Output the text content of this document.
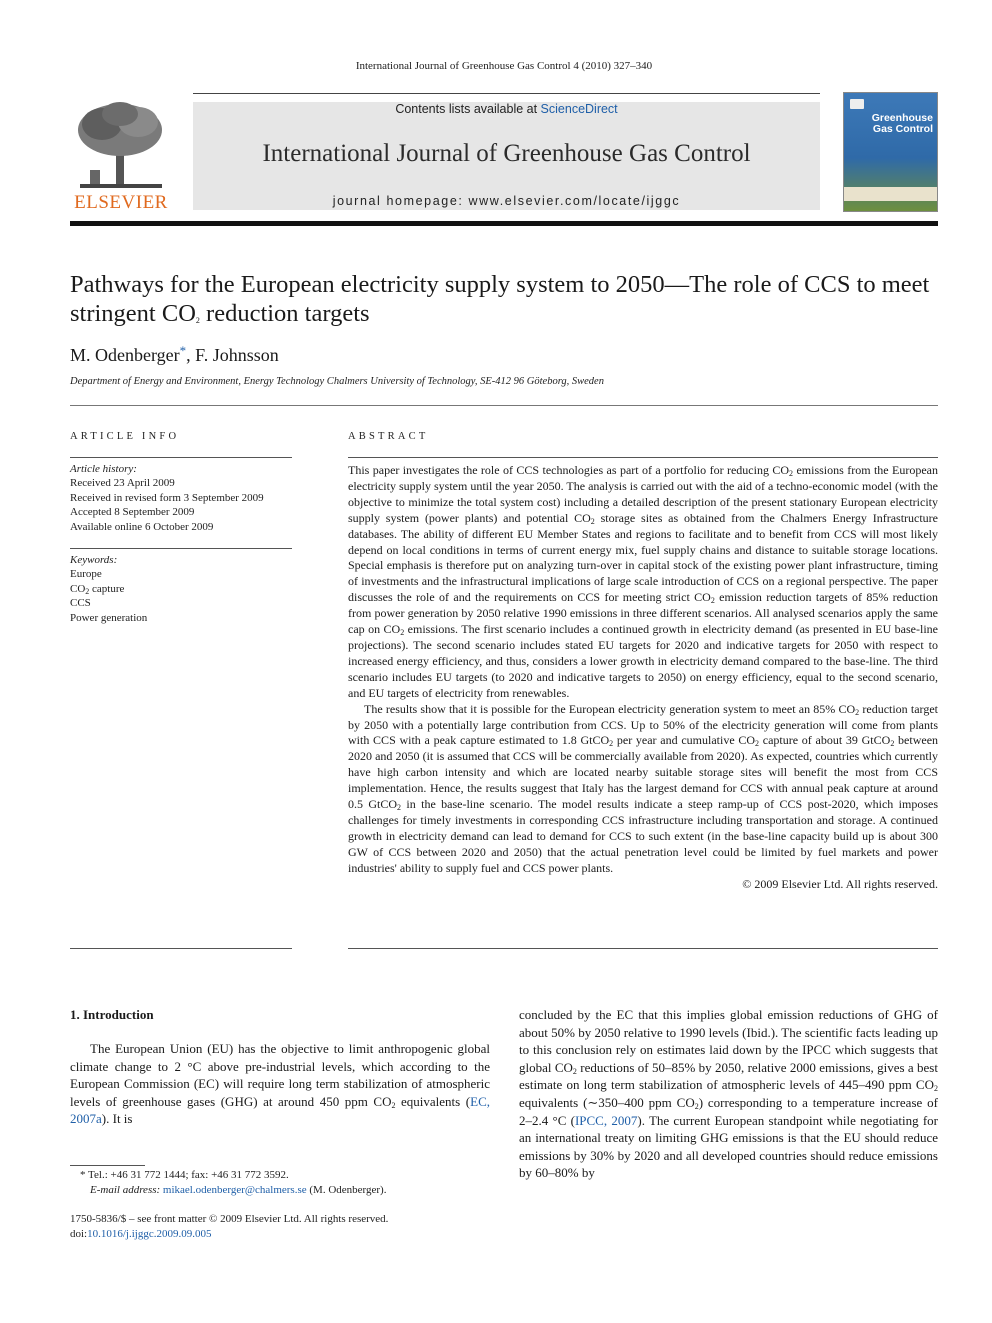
International Journal of Greenhouse Gas Control 4 (2010) 327–340
ELSEVIER
Contents lists available at ScienceDirect
International Journal of Greenhouse Gas Control
journal homepage: www.elsevier.com/locate/ijggc
Greenhouse Gas Control
Pathways for the European electricity supply system to 2050—The role of CCS to meet stringent $CO_2$ reduction targets
M. Odenberger*, F. Johnsson
Department of Energy and Environment, Energy Technology Chalmers University of Technology, SE-412 96 Göteborg, Sweden
ARTICLE INFO
Article history:
Received 23 April 2009
Received in revised form 3 September 2009
Accepted 8 September 2009
Available online 6 October 2009
Keywords:
Europe
$CO_2$ capture
CCS
Power generation
ABSTRACT

This paper investigates the role of CCS technologies as part of a portfolio for reducing $CO_2$ emissions from the European electricity supply system until the year 2050. The analysis is carried out with the aid of a techno-economic model (with the objective to minimize the total system cost) including a detailed description of the present stationary European electricity supply system (power plants) and potential $CO_2$ storage sites as obtained from the Chalmers Energy Infrastructure databases. The ability of different EU Member States and regions to facilitate and to benefit from CCS will most likely depend on local conditions in terms of current energy mix, fuel supply chains and distance to suitable storage locations. Special emphasis is therefore put on analyzing turn-over in capital stock of the existing power plant infrastructure, timing of investments and the infrastructural implications of large scale introduction of CCS on a regional perspective. The paper discusses the role of and the requirements on CCS for meeting strict $CO_2$ emission reduction targets of 85% reduction from power generation by 2050 relative 1990 emissions in three different scenarios. All analysed scenarios apply the same cap on $CO_2$ emissions. The first scenario includes a continued growth in electricity demand (as presented in EU base-line projections). The second scenario includes stated EU targets for 2020 and indicative targets for 2050 with respect to increased energy efficiency, and thus, considers a lower growth in electricity demand compared to the base-line. The third scenario includes EU targets (to 2020 and indicative targets to 2050) on energy efficiency, equal to the second scenario, and EU targets of electricity from renewables.

The results show that it is possible for the European electricity generation system to meet an 85% $CO_2$ reduction target by 2050 with a potentially large contribution from CCS. Up to 50% of the electricity generation will come from plants with CCS with a peak capture estimated to 1.8 GtCO$_2$ per year and cumulative $CO_2$ capture of about 39 GtCO$_2$ between 2020 and 2050 (it is assumed that CCS will be commercially available from 2020). As expected, countries which currently have high carbon intensity and which are located nearby suitable storage sites will benefit the most from CCS implementation. Hence, the results suggest that Italy has the largest demand for CCS with annual peak capture at around 0.5 GtCO$_2$ in the base-line scenario. The model results indicate a steep ramp-up of CCS post-2020, which imposes challenges for timely investments in corresponding CCS infrastructure including transportation and storage. A continued growth in electricity demand can lead to demand for CCS to such extent (in the base-line capacity build up is about 300 GW of CCS between 2020 and 2050) that the actual penetration level could be limited by fuel markets and power industries' ability to supply fuel and CCS power plants.

© 2009 Elsevier Ltd. All rights reserved.

1. Introduction

The European Union (EU) has the objective to limit anthropogenic global climate change to 2 °C above pre-industrial levels, which according to the European Commission (EC) will require long term stabilization of atmospheric levels of greenhouse gases (GHG) at around 450 ppm $CO_2$ equivalents (EC, 2007a). It is

concluded by the EC that this implies global emission reductions of GHG of about 50% by 2050 relative to 1990 levels (Ibid.). The scientific facts leading up to this conclusion rely on estimates laid down by the IPCC which suggests that global $CO_2$ reductions of 50–85% by 2050, relative 2000 emissions, gives a best estimate on long term stabilization of atmospheric levels of 445–490 ppm $CO_2$ equivalents (∼350–400 ppm $CO_2$) corresponding to a temperature increase of 2–2.4 °C (IPCC, 2007). The current European standpoint while negotiating for an international treaty on limiting GHG emissions is that the EU should reduce emissions by 30% by 2020 and all developed countries should reduce emissions by 60–80% by

* Tel.: +46 31 772 1444; fax: +46 31 772 3592.
E-mail address: mikael.odenberger@chalmers.se (M. Odenberger).
1750-5836/$ – see front matter © 2009 Elsevier Ltd. All rights reserved.
doi:10.1016/j.ijggc.2009.09.005
